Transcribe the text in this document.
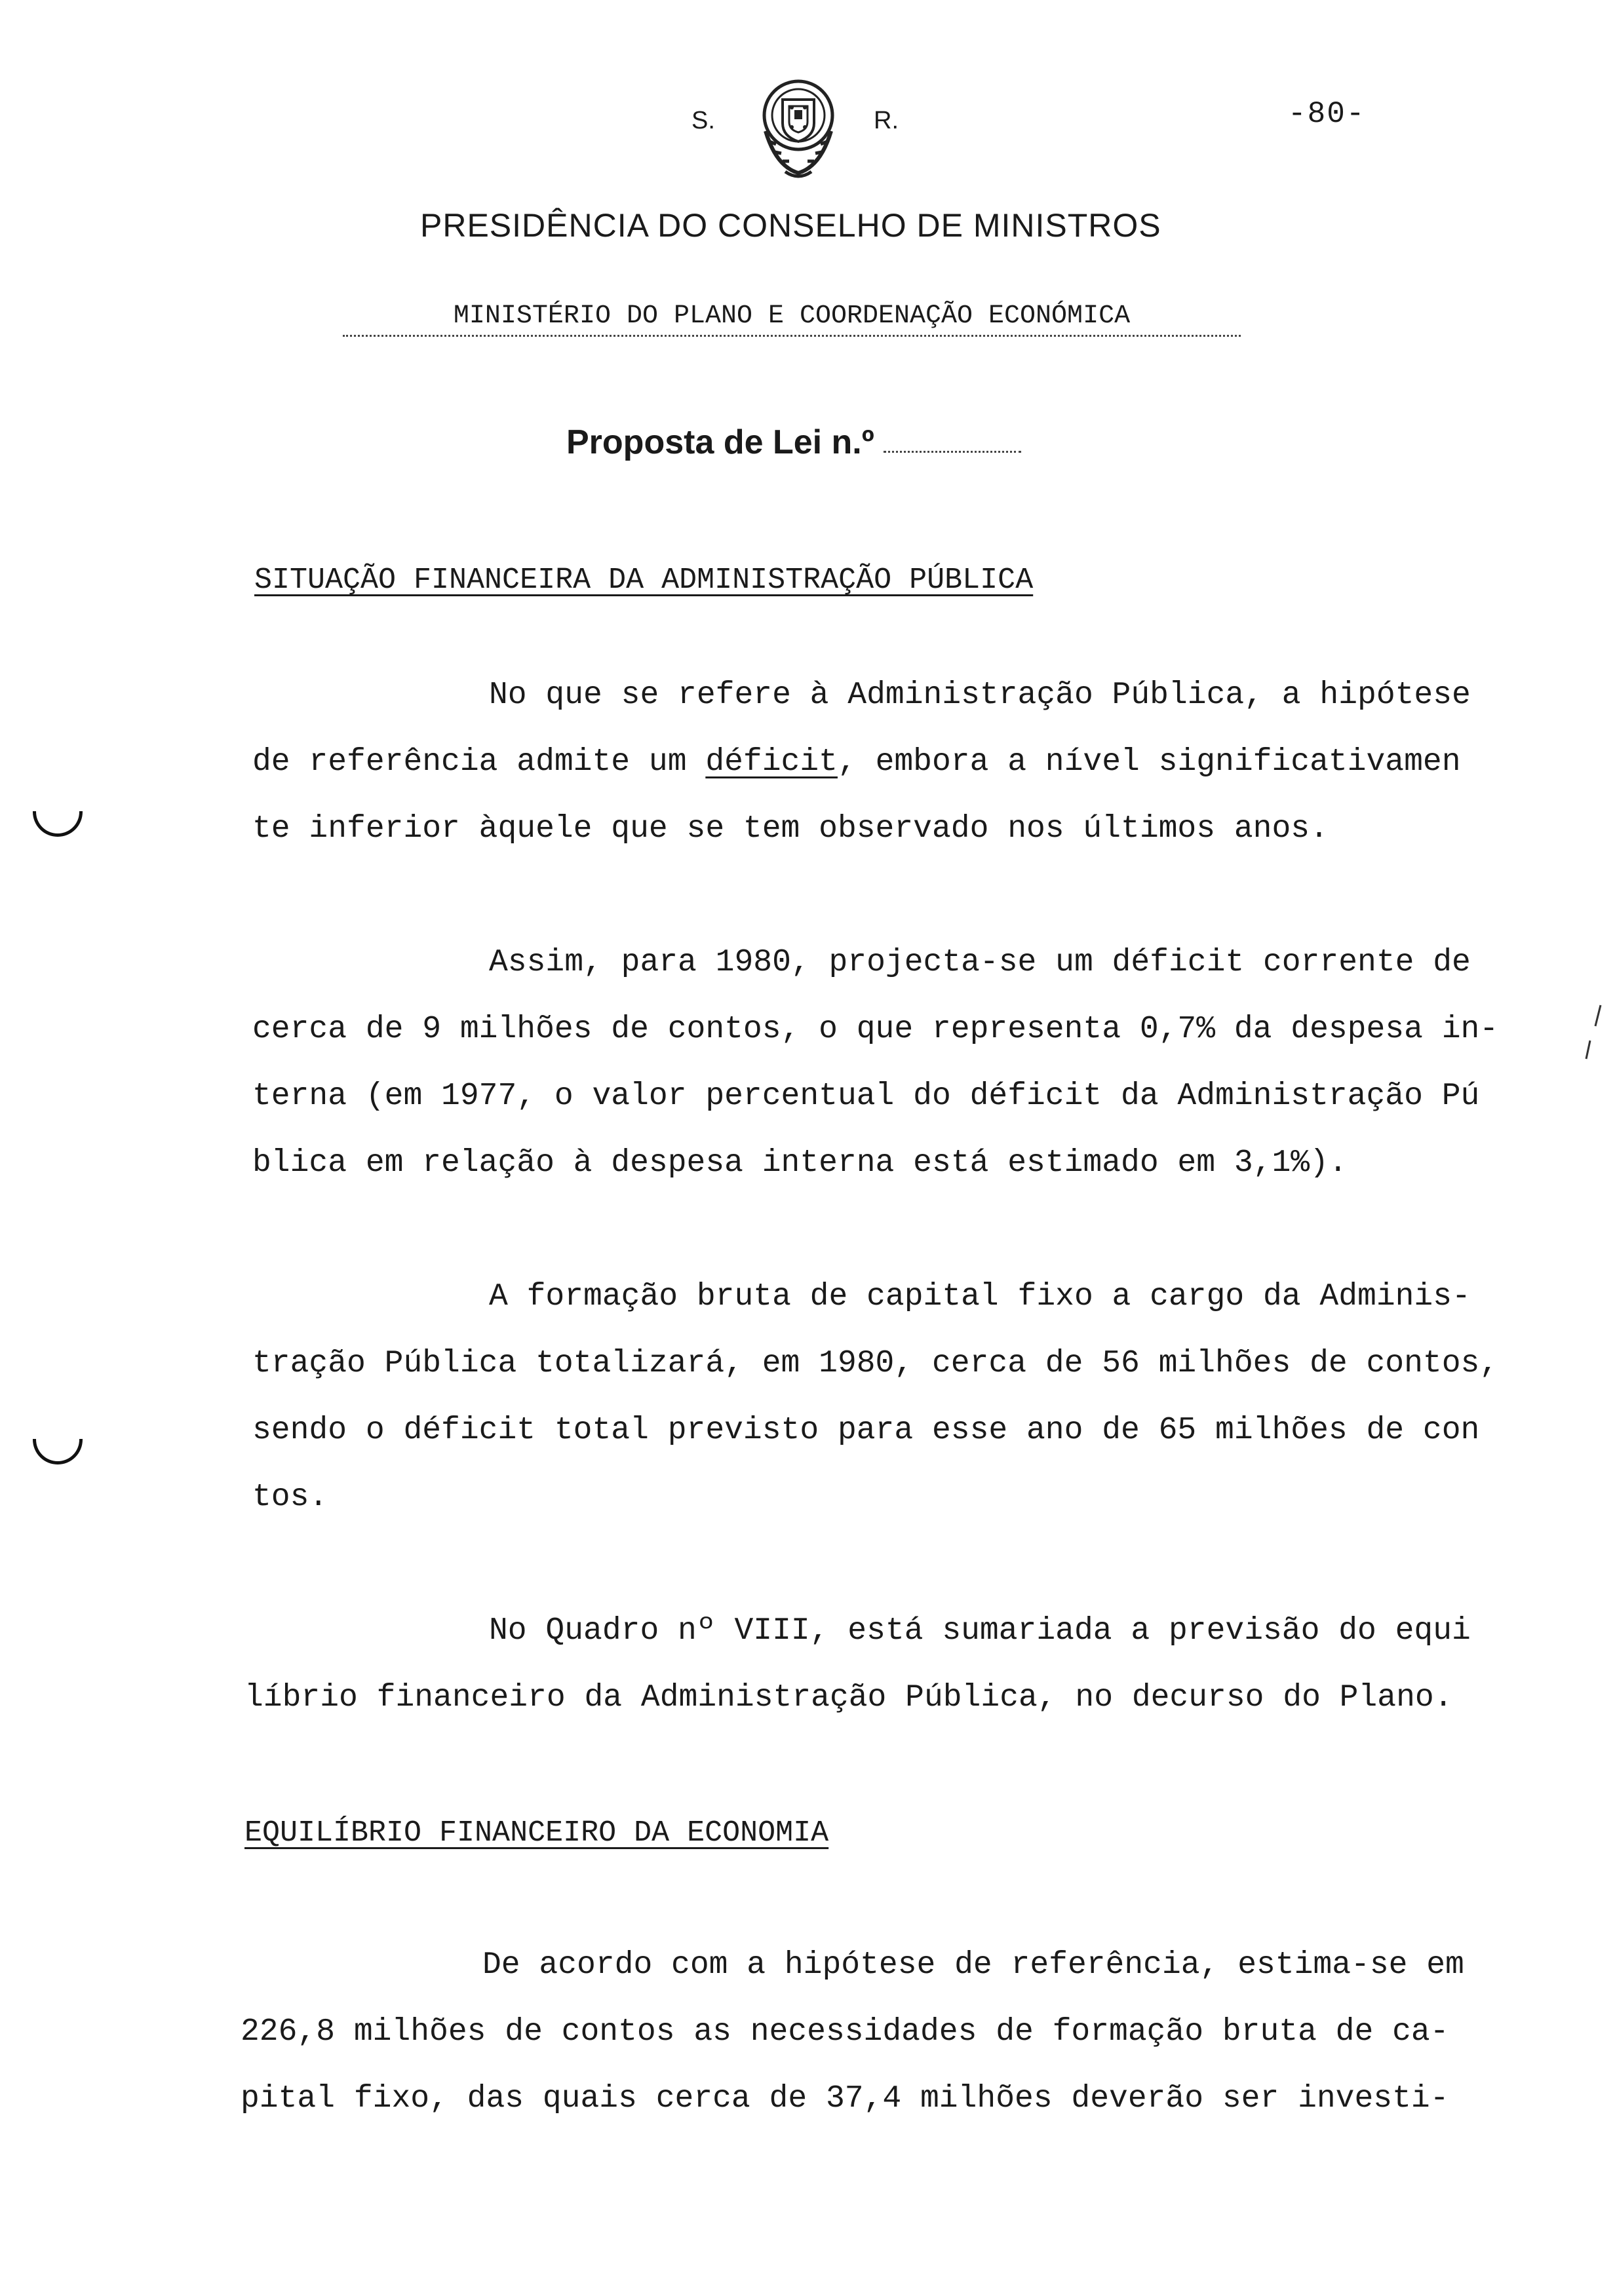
S.	R.	-80-
PRESIDÊNCIA DO CONSELHO DE MINISTROS
MINISTÉRIO DO PLANO E COORDENAÇÃO ECONÓMICA
Proposta de Lei n.º
SITUAÇÃO FINANCEIRA DA ADMINISTRAÇÃO PÚBLICA
No que se refere à Administração Pública, a hipótese
de referência admite um déficit, embora a nível significativamen
te inferior àquele que se tem observado nos últimos anos.
Assim, para 1980, projecta-se um déficit corrente de
cerca de 9 milhões de contos, o que representa 0,7% da despesa in-
terna (em 1977, o valor percentual do déficit da Administração Pú
blica em relação à despesa interna está estimado em 3,1%).
A formação bruta de capital fixo a cargo da Adminis-
tração Pública totalizará, em 1980, cerca de 56 milhões de contos,
sendo o déficit total previsto para esse ano de 65 milhões de con
tos.
No Quadro nº VIII, está sumariada a previsão do equi
líbrio financeiro da Administração Pública, no decurso do Plano.
EQUILÍBRIO FINANCEIRO DA ECONOMIA
De acordo com a hipótese de referência, estima-se em
226,8 milhões de contos as necessidades de formação bruta de ca-
pital fixo, das quais cerca de 37,4 milhões deverão ser investi-
